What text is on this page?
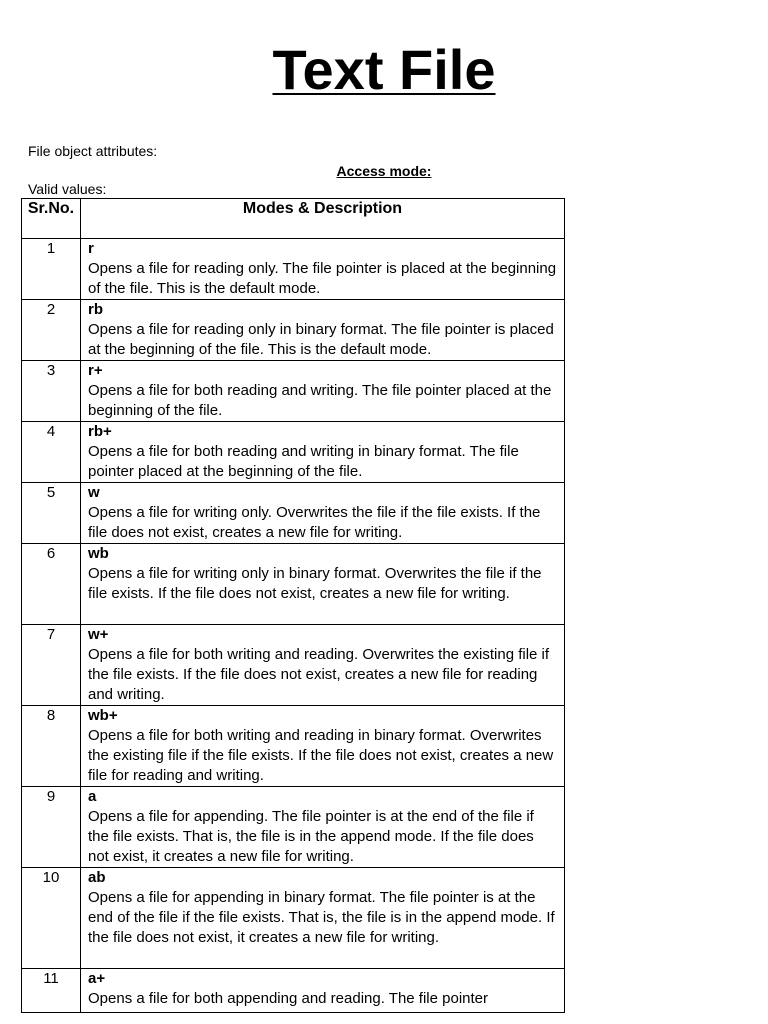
Text File
File object attributes:
Access mode:
Valid values:
Sr.No.	Modes & Description
1	r
Opens a file for reading only. The file pointer is placed at the beginning of the file. This is the default mode.

2	rb
Opens a file for reading only in binary format. The file pointer is placed at the beginning of the file. This is the default mode.

3	r+
Opens a file for both reading and writing. The file pointer placed at the beginning of the file.

4	rb+
Opens a file for both reading and writing in binary format. The file pointer placed at the beginning of the file.

5	w
Opens a file for writing only. Overwrites the file if the file exists. If the file does not exist, creates a new file for writing.

6	wb
Opens a file for writing only in binary format. Overwrites the file if the file exists. If the file does not exist, creates a new file for writing.

7	w+
Opens a file for both writing and reading. Overwrites the existing file if the file exists. If the file does not exist, creates a new file for reading and writing.

8	wb+
Opens a file for both writing and reading in binary format. Overwrites the existing file if the file exists. If the file does not exist, creates a new file for reading and writing.

9	a
Opens a file for appending. The file pointer is at the end of the file if the file exists. That is, the file is in the append mode. If the file does not exist, it creates a new file for writing.

10	ab
Opens a file for appending in binary format. The file pointer is at the end of the file if the file exists. That is, the file is in the append mode. If the file does not exist, it creates a new file for writing.

11	a+
Opens a file for both appending and reading. The file pointer
